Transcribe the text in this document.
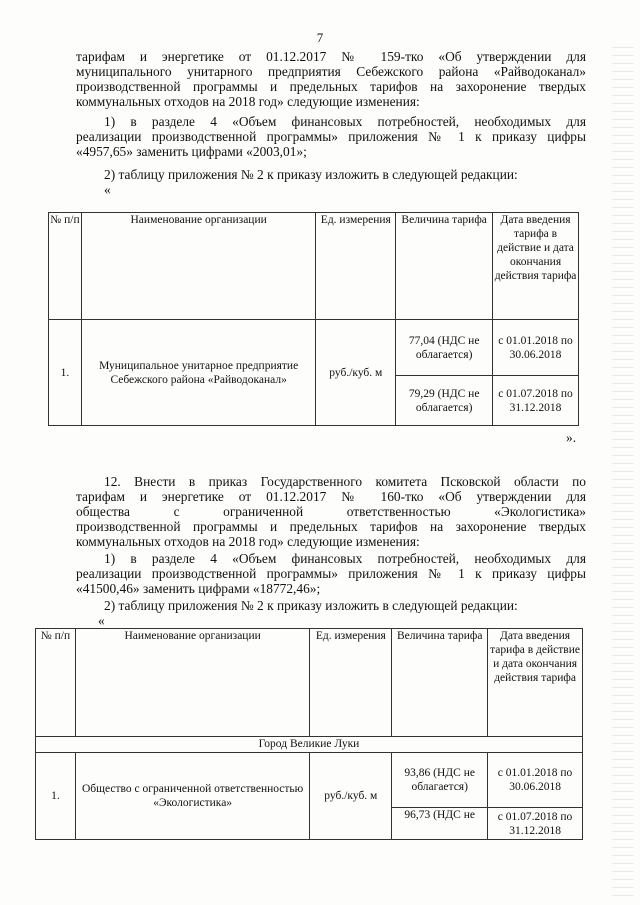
7
тарифам и энергетике от 01.12.2017 № 159-тко «Об утверждении для
муниципального унитарного предприятия Себежского района «Райводоканал»
производственной программы и предельных тарифов на захоронение твердых
коммунальных отходов на 2018 год» следующие изменения:
1) в разделе 4 «Объем финансовых потребностей, необходимых для
реализации производственной программы» приложения № 1 к приказу цифры
«4957,65» заменить цифрами «2003,01»;
2) таблицу приложения № 2 к приказу изложить в следующей редакции:
«
№ п/п	Наименование организации	Ед. измерения	Величина тарифа	Дата введения тарифа в действие и дата окончания действия тарифа
1.	Муниципальное унитарное предприятие Себежского района «Райводоканал»	руб./куб. м	77,04 (НДС не облагается)	с 01.01.2018 по 30.06.2018
			79,29 (НДС не облагается)	с 01.07.2018 по 31.12.2018
».
12. Внести в приказ Государственного комитета Псковской области по
тарифам и энергетике от 01.12.2017 № 160-тко «Об утверждении для
общества с ограниченной ответственностью «Экологистика»
производственной программы и предельных тарифов на захоронение твердых
коммунальных отходов на 2018 год» следующие изменения:
1) в разделе 4 «Объем финансовых потребностей, необходимых для
реализации производственной программы» приложения № 1 к приказу цифры
«41500,46» заменить цифрами «18772,46»;
2) таблицу приложения № 2 к приказу изложить в следующей редакции:
«
№ п/п	Наименование организации	Ед. измерения	Величина тарифа	Дата введения тарифа в действие и дата окончания действия тарифа
Город Великие Луки				
1.	Общество с ограниченной ответственностью «Экологистика»	руб./куб. м	93,86 (НДС не облагается)	с 01.01.2018 по 30.06.2018
			96,73 (НДС не	с 01.07.2018 по 31.12.2018
